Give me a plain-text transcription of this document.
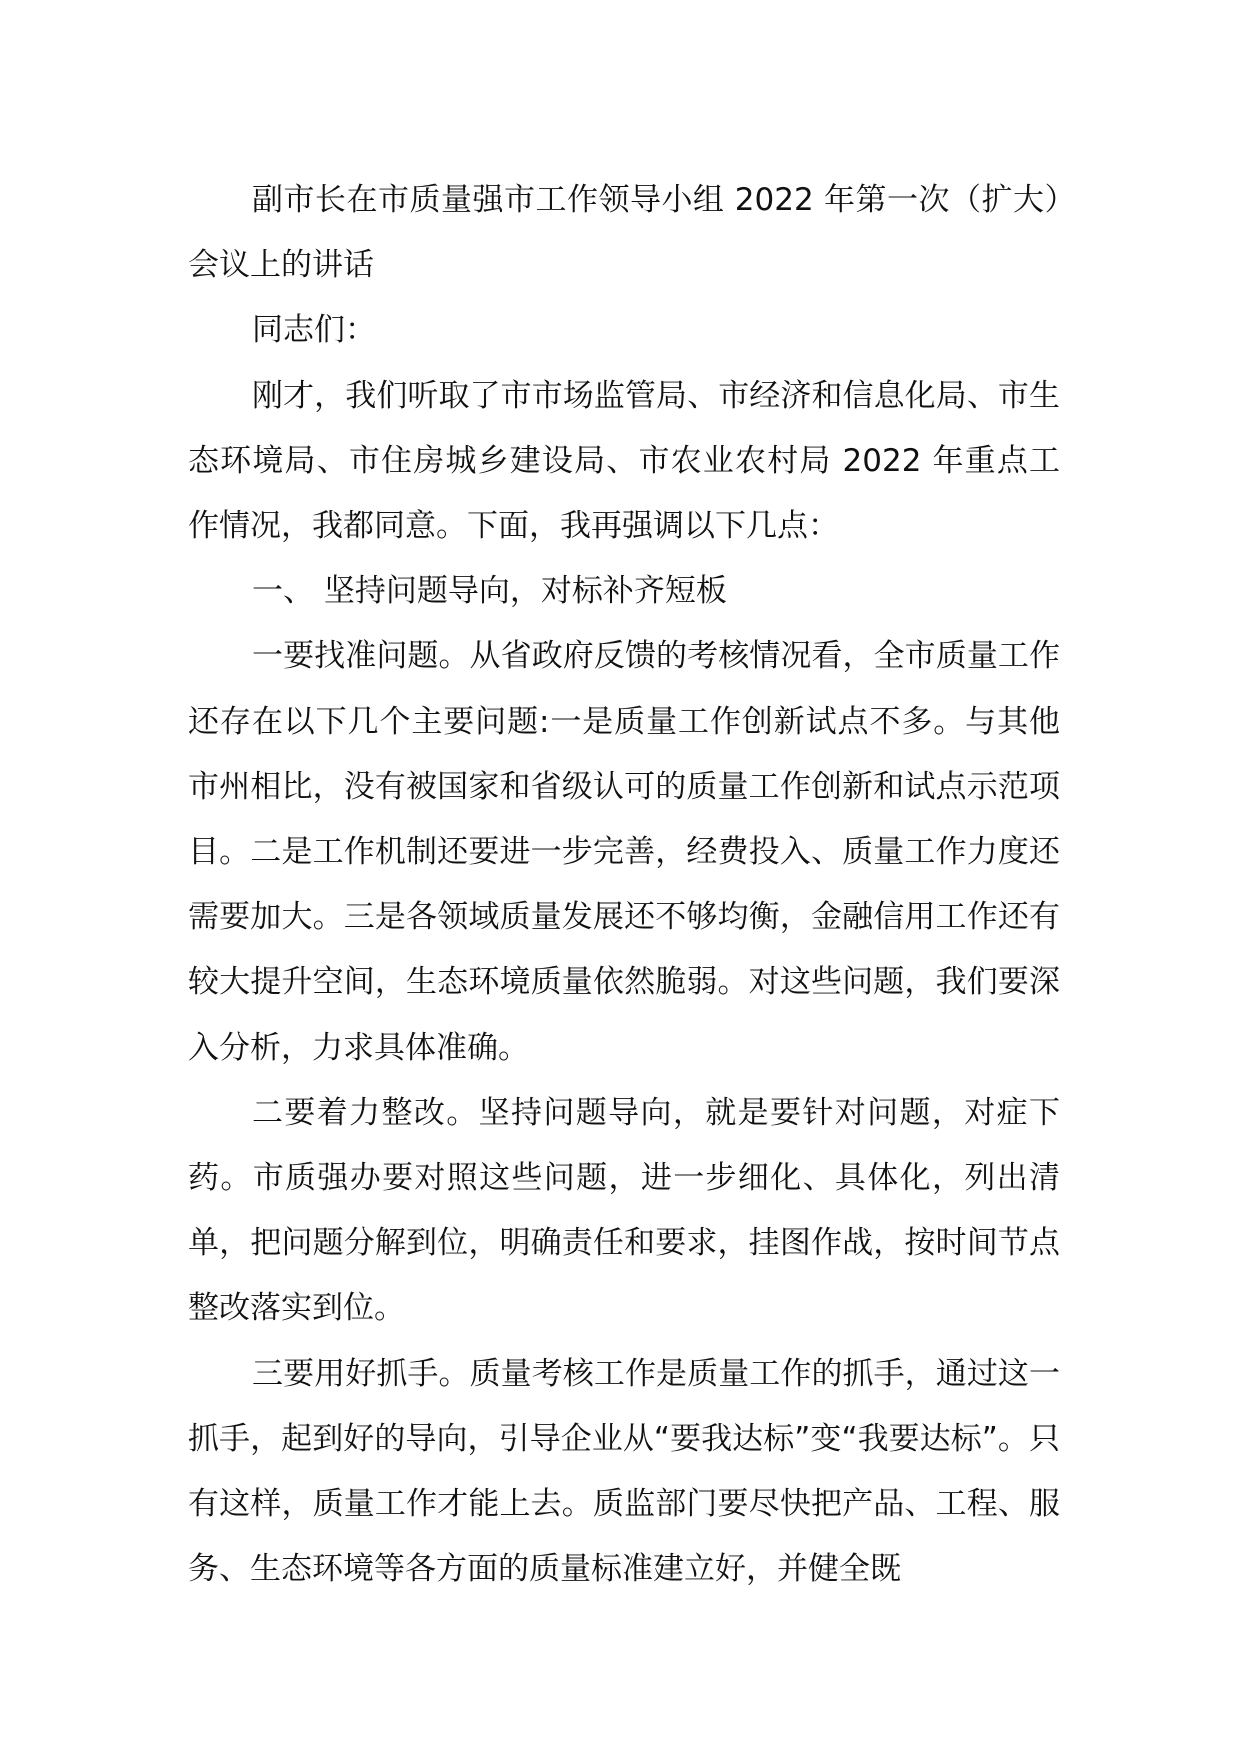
副市长在市质量强市工作领导小组 2022 年第一次（扩大）会议上的讲话

同志们：

刚才，我们听取了市市场监管局、市经济和信息化局、市生态环境局、市住房城乡建设局、市农业农村局 2022 年重点工作情况，我都同意。下面，我再强调以下几点：

一、 坚持问题导向，对标补齐短板

一要找准问题。从省政府反馈的考核情况看，全市质量工作还存在以下几个主要问题:一是质量工作创新试点不多。与其他市州相比，没有被国家和省级认可的质量工作创新和试点示范项目。二是工作机制还要进一步完善，经费投入、质量工作力度还需要加大。三是各领域质量发展还不够均衡，金融信用工作还有较大提升空间，生态环境质量依然脆弱。对这些问题，我们要深入分析，力求具体准确。

二要着力整改。坚持问题导向，就是要针对问题，对症下药。市质强办要对照这些问题，进一步细化、具体化，列出清单，把问题分解到位，明确责任和要求，挂图作战，按时间节点整改落实到位。

三要用好抓手。质量考核工作是质量工作的抓手，通过这一抓手，起到好的导向，引导企业从“要我达标”变“我要达标”。只有这样，质量工作才能上去。质监部门要尽快把产品、工程、服务、生态环境等各方面的质量标准建立好，并健全既
